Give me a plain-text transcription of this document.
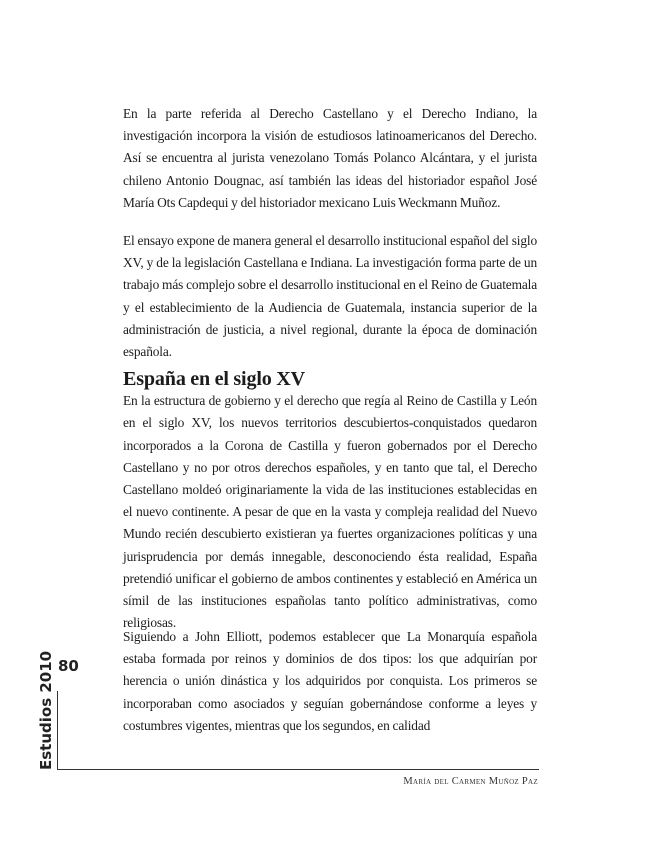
En la parte referida al Derecho Castellano y el Derecho Indiano, la investigación incorpora la visión de estudiosos latinoamericanos del Derecho. Así se encuentra al jurista venezolano Tomás Polanco Alcántara, y el jurista chileno Antonio Dougnac, así también las ideas del historiador español José María Ots Capdequi y del historiador mexicano Luis Weckmann Muñoz.

El ensayo expone de manera general el desarrollo institucional español del siglo XV, y de la legislación Castellana e Indiana. La investigación forma parte de un trabajo más complejo sobre el desarrollo institucional en el Reino de Guatemala y el establecimiento de la Audiencia de Guatemala, instancia superior de la administración de justicia, a nivel regional, durante la época de dominación española.

España en el siglo XV

En la estructura de gobierno y el derecho que regía al Reino de Castilla y León en el siglo XV, los nuevos territorios descubiertos-conquistados quedaron incorporados a la Corona de Castilla y fueron gobernados por el Derecho Castellano y no por otros derechos españoles, y en tanto que tal, el Derecho Castellano moldeó originariamente la vida de las instituciones establecidas en el nuevo continente. A pesar de que en la vasta y compleja realidad del Nuevo Mundo recién descubierto existieran ya fuertes organizaciones políticas y una jurisprudencia por demás innegable, desconociendo ésta realidad, España pretendió unificar el gobierno de ambos continentes y estableció en América un símil de las instituciones españolas tanto político administrativas, como religiosas.

Siguiendo a John Elliott, podemos establecer que La Monarquía española estaba formada por reinos y dominios de dos tipos: los que adquirían por herencia o unión dinástica y los adquiridos por conquista. Los primeros se incorporaban como asociados y seguían gobernándose conforme a leyes y costumbres vigentes, mientras que los segundos, en calidad

80
Estudios 2010
María del Carmen Muñoz Paz
